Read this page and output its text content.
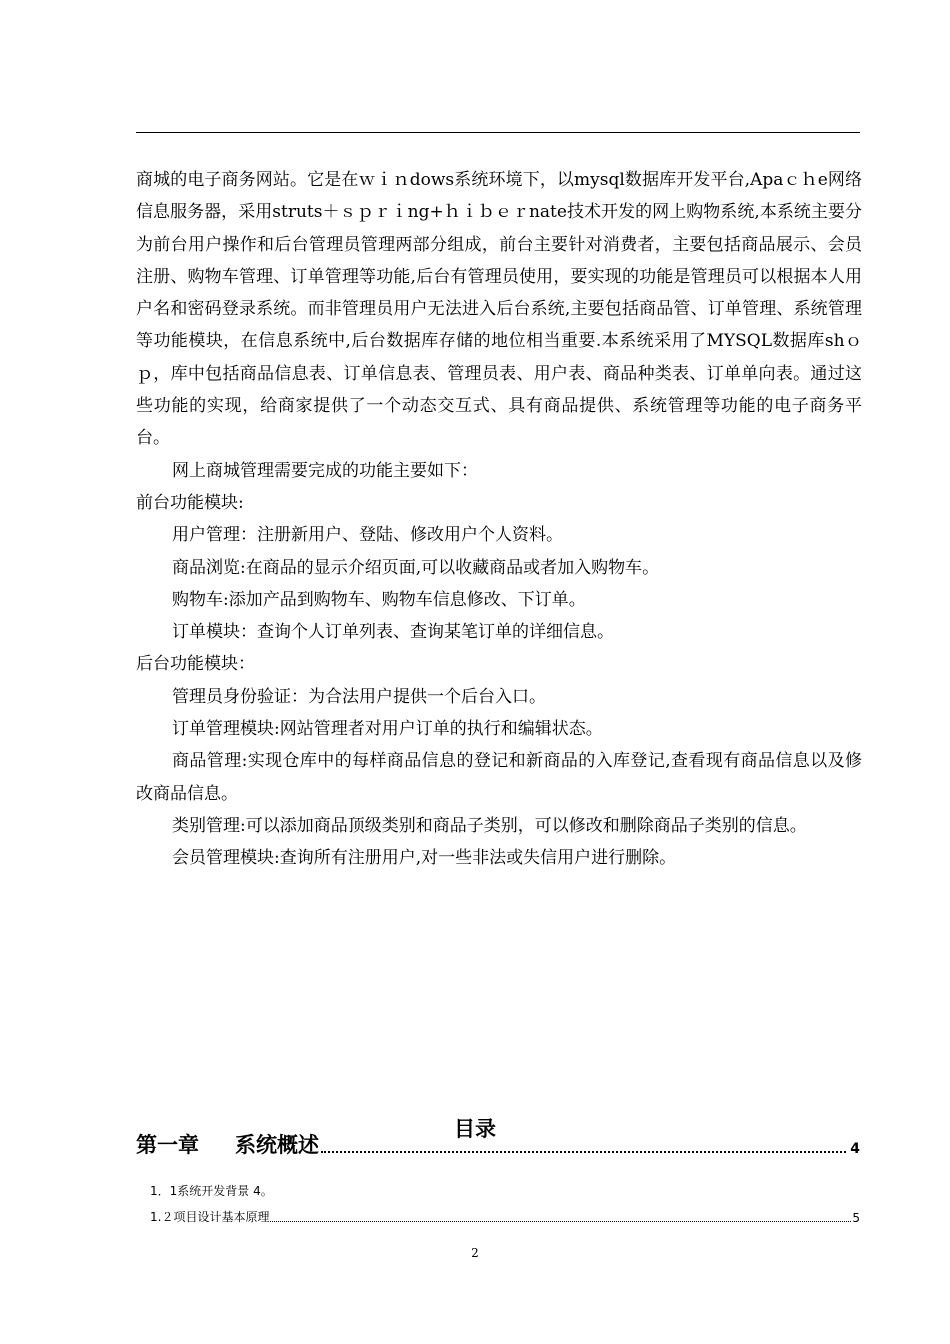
商城的电子商务网站。它是在ｗｉｎdows系统环境下，以mysql数据库开发平台,Apaｃｈe网络信息服务器，采用struts＋ｓｐｒｉng+ｈｉｂｅｒnate技术开发的网上购物系统,本系统主要分为前台用户操作和后台管理员管理两部分组成，前台主要针对消费者，主要包括商品展示、会员注册、购物车管理、订单管理等功能,后台有管理员使用，要实现的功能是管理员可以根据本人用户名和密码登录系统。而非管理员用户无法进入后台系统,主要包括商品管、订单管理、系统管理等功能模块，在信息系统中,后台数据库存储的地位相当重要.本系统采用了MYSQL数据库shｏｐ，库中包括商品信息表、订单信息表、管理员表、用户表、商品种类表、订单单向表。通过这些功能的实现，给商家提供了一个动态交互式、具有商品提供、系统管理等功能的电子商务平台。

网上商城管理需要完成的功能主要如下：

前台功能模块:

用户管理：注册新用户、登陆、修改用户个人资料。

商品浏览:在商品的显示介绍页面,可以收藏商品或者加入购物车。

购物车:添加产品到购物车、购物车信息修改、下订单。

订单模块：查询个人订单列表、查询某笔订单的详细信息。

后台功能模块：

管理员身份验证：为合法用户提供一个后台入口。

订单管理模块:网站管理者对用户订单的执行和编辑状态。

商品管理:实现仓库中的每样商品信息的登记和新商品的入库登记,查看现有商品信息以及修改商品信息。

类别管理:可以添加商品顶级类别和商品子类别，可以修改和删除商品子类别的信息。

会员管理模块:查询所有注册用户,对一些非法或失信用户进行删除。

目录
第一章 系统概述	4
1．1系统开发背景 4。
1.２项目设计基本原理	5
2
